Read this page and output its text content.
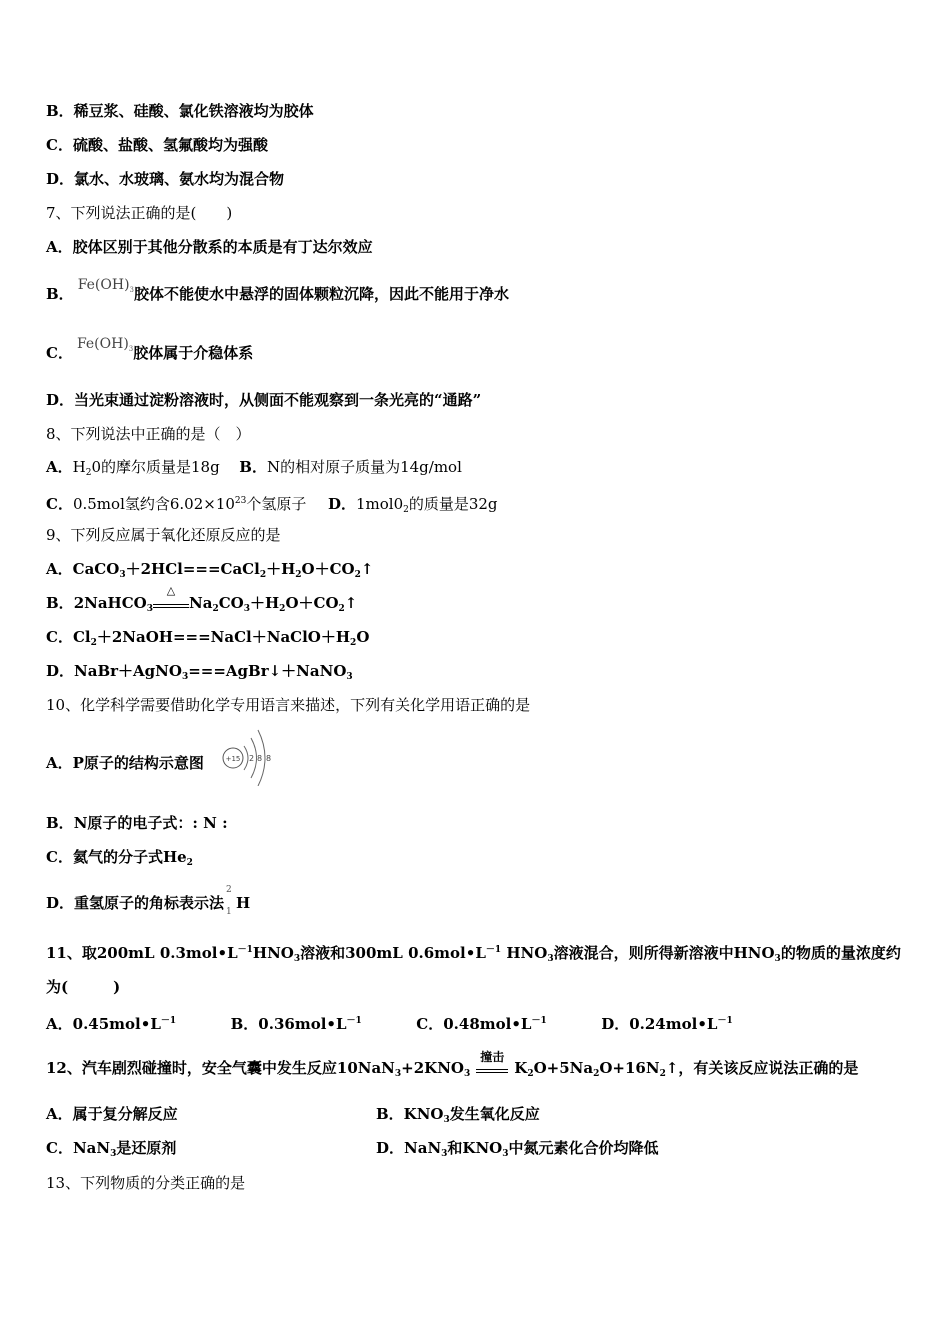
B．稀豆浆、硅酸、氯化铁溶液均为胶体
C．硫酸、盐酸、氢氟酸均为强酸
D．氯水、水玻璃、氨水均为混合物
7、下列说法正确的是(　　)
A．胶体区别于其他分散系的本质是有丁达尔效应
B． $Fe(OH)_3$胶体不能使水中悬浮的固体颗粒沉降，因此不能用于净水
C． $Fe(OH)_3$胶体属于介稳体系
D．当光束通过淀粉溶液时，从侧面不能观察到一条光亮的“通路”
8、下列说法中正确的是（　）
A．$H_20$的摩尔质量是18g B．N的相对原子质量为14g/mol
C．0.5mol氢约含$6.02\times 10^{23}$个氢原子 D．$1mol0_2$的质量是32g
9、下列反应属于氧化还原反应的是
A．$CaCO_3+2HCl===CaCl_2+H_2O+CO_2↑$
B．2NaHCO$_3$
△
$Na_2CO_3+H_2O+CO_2↑$
C．$Cl_2+2NaOH===NaCl+NaClO+H_2O$
D．NaBr＋AgNO$_3$===AgBr↓＋NaNO$_3$
10、化学科学需要借助化学专用语言来描述，下列有关化学用语正确的是
A．P原子的结构示意图	+15 2 8 8
B．N原子的电子式：: N :
C．氦气的分子式$He_2$
D．重氢原子的角标表示法
2
1 H
11、取200mL $0.3mol•L^{-1}HNO_3$溶液和300mL $0.6mol•L^{-1}$ $HNO_3$溶液混合，则所得新溶液中$HNO_3$的物质的量浓度约
为(　　　)
A．$0.45mol•L^{-1}$	B．$0.36mol•L^{-1}$	C．$0.48mol•L^{-1}$	D．$0.24mol•L^{-1}$
12、汽车剧烈碰撞时，安全气囊中发生反应$10NaN_3+2KNO_3$
撞击
$K_2O+5Na_2O+16N_2↑$，有关该反应说法正确的是
A．属于复分解反应	B．$KNO_3$发生氧化反应
C．NaN$_3$是还原剂	D．NaN$_3$和$KNO_3$中氮元素化合价均降低
13、下列物质的分类正确的是
